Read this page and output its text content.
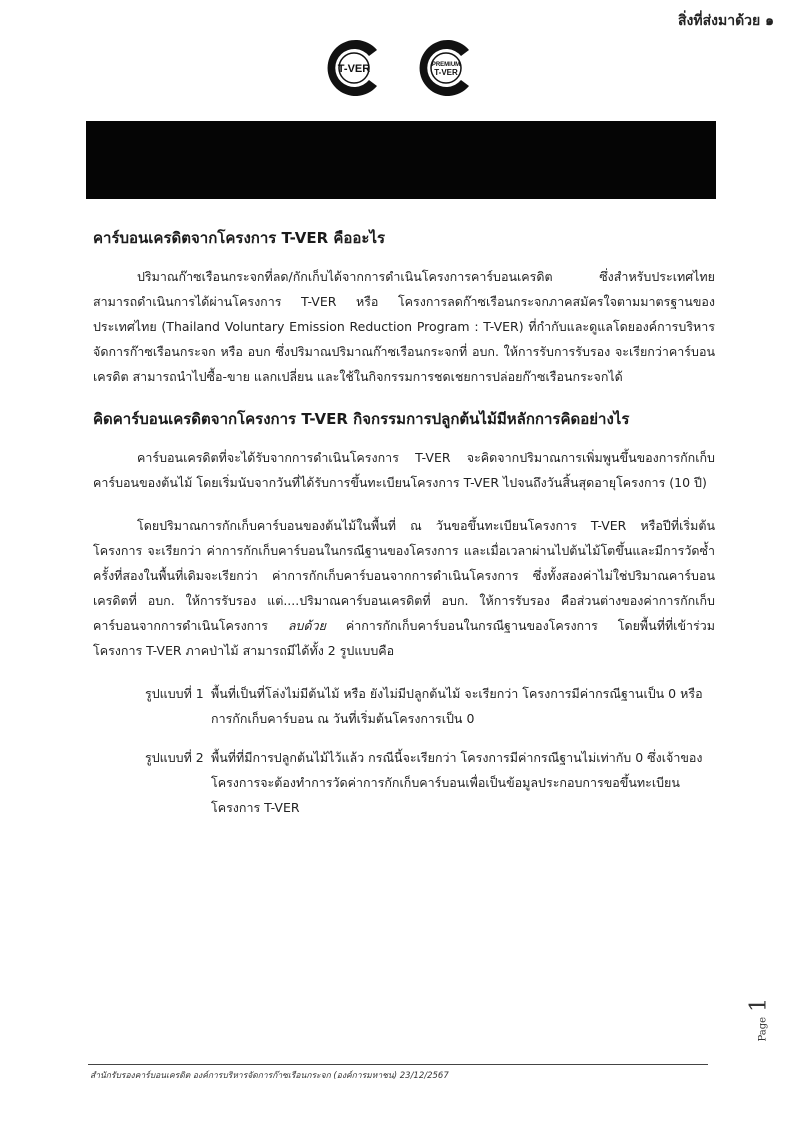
สิ่งที่ส่งมาด้วย ๑
T-VER	PREMIUM
T-VER
คาร์บอนเครดิตจากโครงการ T-VER คืออะไร

ปริมาณก๊าซเรือนกระจกที่ลด/กักเก็บได้จากการดำเนินโครงการคาร์บอนเครดิต ซึ่งสำหรับประเทศไทยสามารถดำเนินการได้ผ่านโครงการ T-VER หรือ โครงการลดก๊าซเรือนกระจกภาคสมัครใจตามมาตรฐานของประเทศไทย (Thailand Voluntary Emission Reduction Program : T-VER) ที่กำกับและดูแลโดยองค์การบริหารจัดการก๊าซเรือนกระจก หรือ อบก ซึ่งปริมาณปริมาณก๊าซเรือนกระจกที่ อบก. ให้การรับการรับรอง จะเรียกว่าคาร์บอนเครดิต สามารถนำไปซื้อ-ขาย แลกเปลี่ยน และใช้ในกิจกรรมการชดเชยการปล่อยก๊าซเรือนกระจกได้

คิดคาร์บอนเครดิตจากโครงการ T-VER กิจกรรมการปลูกต้นไม้มีหลักการคิดอย่างไร

คาร์บอนเครดิตที่จะได้รับจากการดำเนินโครงการ T-VER จะคิดจากปริมาณการเพิ่มพูนขึ้นของการกักเก็บคาร์บอนของต้นไม้ โดยเริ่มนับจากวันที่ได้รับการขึ้นทะเบียนโครงการ T-VER ไปจนถึงวันสิ้นสุดอายุโครงการ (10 ปี)

โดยปริมาณการกักเก็บคาร์บอนของต้นไม้ในพื้นที่ ณ วันขอขึ้นทะเบียนโครงการ T-VER หรือปีที่เริ่มต้นโครงการ จะเรียกว่า ค่าการกักเก็บคาร์บอนในกรณีฐานของโครงการ และเมื่อเวลาผ่านไปต้นไม้โตขึ้นและมีการวัดซ้ำครั้งที่สองในพื้นที่เดิมจะเรียกว่า ค่าการกักเก็บคาร์บอนจากการดำเนินโครงการ ซึ่งทั้งสองค่าไม่ใช่ปริมาณคาร์บอนเครดิตที่ อบก. ให้การรับรอง แต่....ปริมาณคาร์บอนเครดิตที่ อบก. ให้การรับรอง คือส่วนต่างของค่าการกักเก็บคาร์บอนจากการดำเนินโครงการ ลบด้วย ค่าการกักเก็บคาร์บอนในกรณีฐานของโครงการ โดยพื้นที่ที่เข้าร่วมโครงการ T-VER ภาคป่าไม้ สามารถมีได้ทั้ง 2 รูปแบบคือ

รูปแบบที่ 1 พื้นที่เป็นที่โล่งไม่มีต้นไม้ หรือ ยังไม่มีปลูกต้นไม้ จะเรียกว่า โครงการมีค่ากรณีฐานเป็น 0 หรือการกักเก็บคาร์บอน ณ วันที่เริ่มต้นโครงการเป็น 0
รูปแบบที่ 2 พื้นที่ที่มีการปลูกต้นไม้ไว้แล้ว กรณีนี้จะเรียกว่า โครงการมีค่ากรณีฐานไม่เท่ากับ 0 ซึ่งเจ้าของโครงการจะต้องทำการวัดค่าการกักเก็บคาร์บอนเพื่อเป็นข้อมูลประกอบการขอขึ้นทะเบียนโครงการ T-VER
Page 1
สำนักรับรองคาร์บอนเครดิต องค์การบริหารจัดการก๊าซเรือนกระจก (องค์การมหาชน) 23/12/2567
